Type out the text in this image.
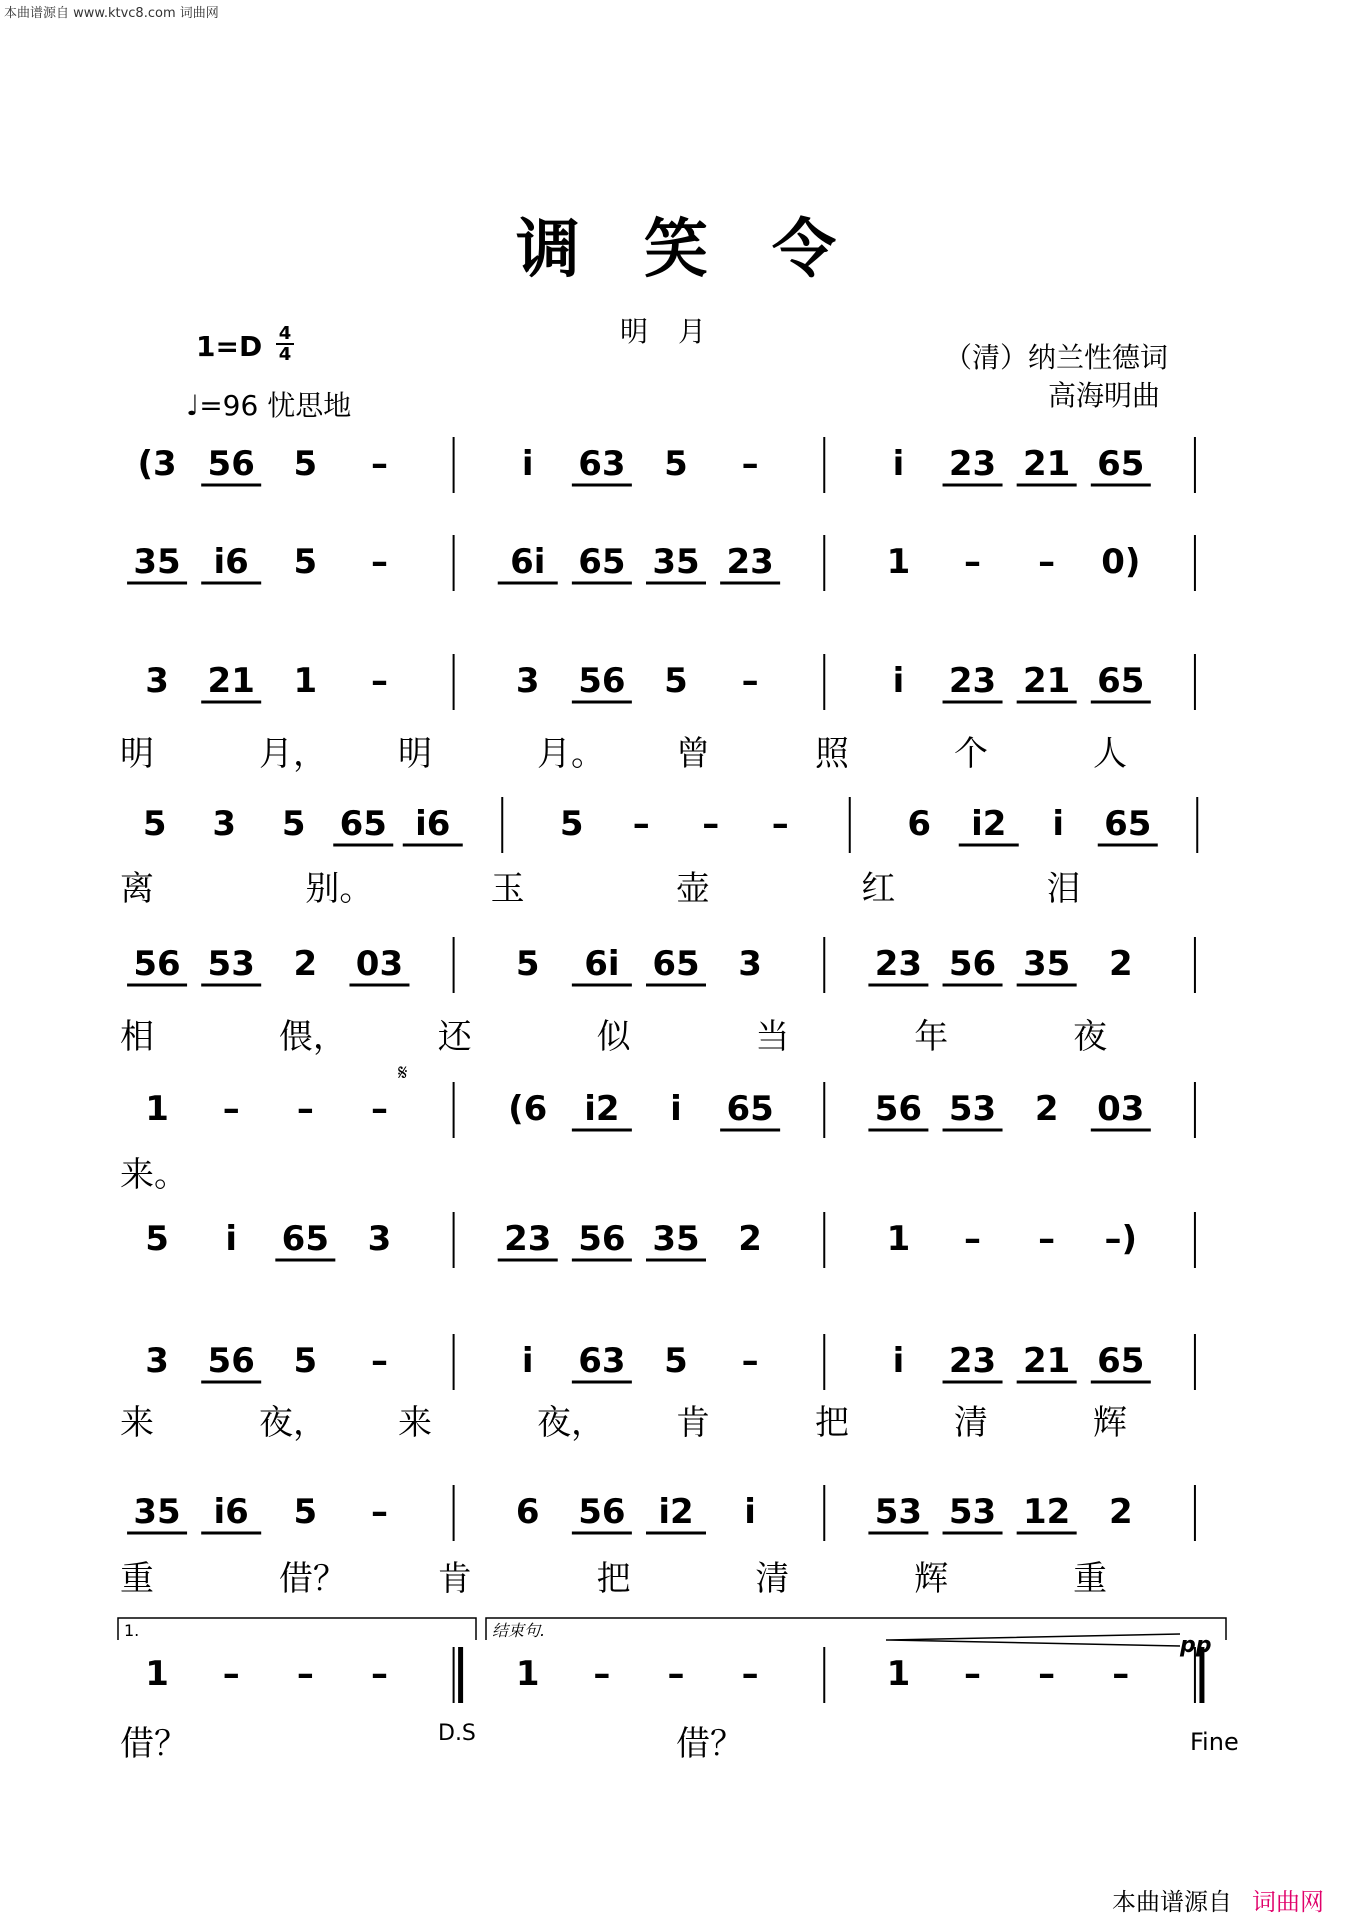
本曲谱源自 www.ktvc8.com 词曲网
调 笑 令
明 月
1=D 4
4
♩=96 忧思地
（清）纳兰性德词
高海明曲
(3 56 5 –	i 63 5 –	i 23 21 65
35 i6 5 –	6i 65 35 23	1 – – 0)
3 21 1 –	3 56 5 –	i 23 21 65
明	月， 明	月。 曾	照	个	人
5 3 5 65 i6	5 – – –	6 i2 i 65
离	别。	玉	壶	红	泪
56 53 2 03	5 6i 65 3	23 56 35 2
相	偎，	还	似	当	年	夜
1 – – –	(6 i2 i 65	56 53 2 03
来。
5 i 65 3	23 56 35 2	1 – – –)
3 56 5 –	i 63 5 –	i 23 21 65
来	夜， 来	夜， 肯	把	清	辉
35 i6 5 –	6 56 i2 i	53 53 12 2
重	借？	肯	把	清	辉	重
1 – – –	1 – – –	1 – – –
借？	借？
𝄋
1.	结束句.
D.S	Fine
pp
本曲谱源自 词曲网
